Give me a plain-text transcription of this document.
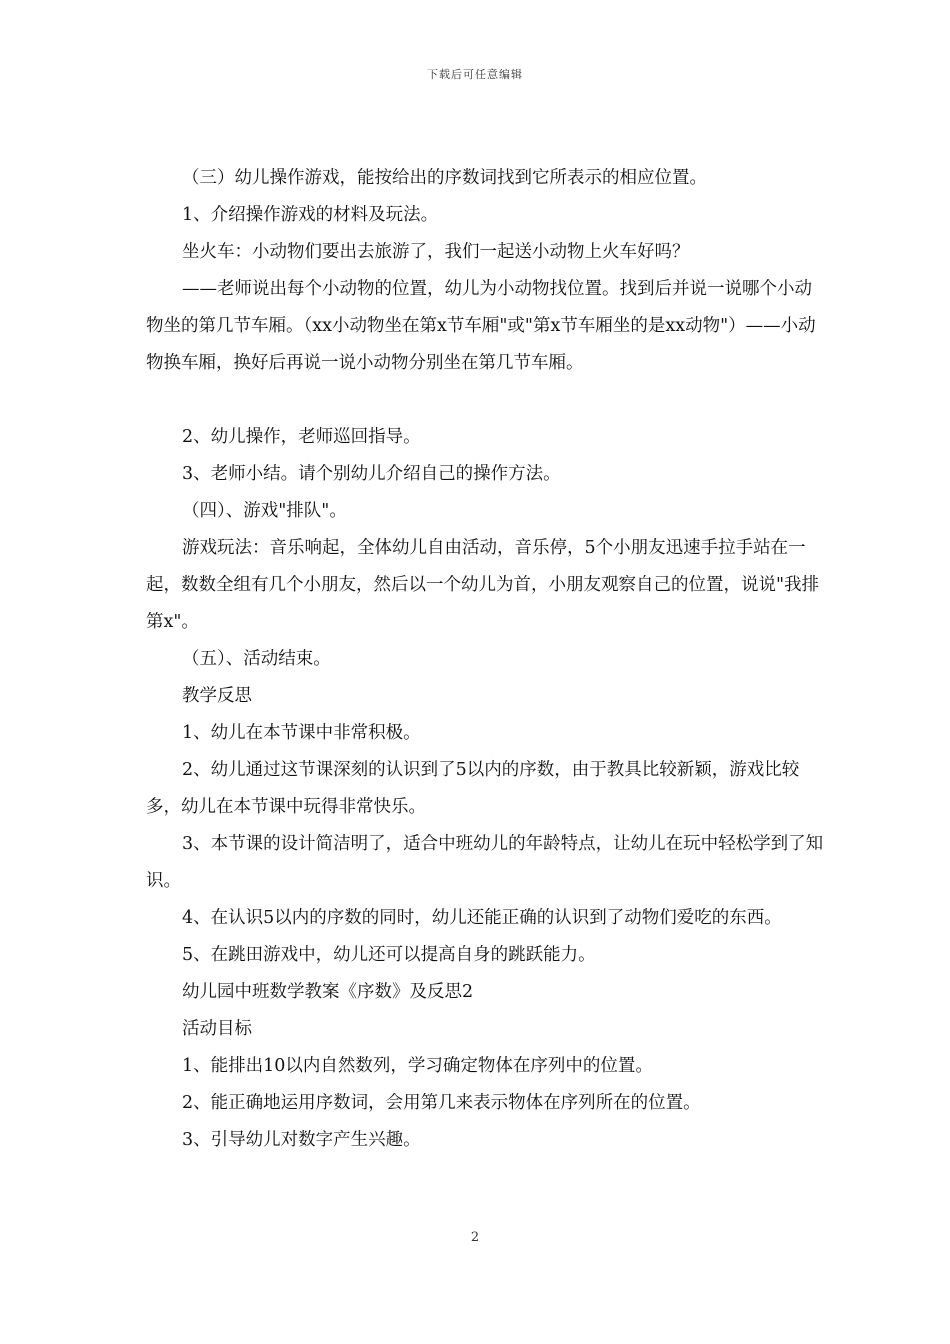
下载后可任意编辑

（三）幼儿操作游戏，能按给出的序数词找到它所表示的相应位置。

1、介绍操作游戏的材料及玩法。

坐火车：小动物们要出去旅游了，我们一起送小动物上火车好吗？

——老师说出每个小动物的位置，幼儿为小动物找位置。找到后并说一说哪个小动物坐的第几节车厢。（xx小动物坐在第x节车厢"或"第x节车厢坐的是xx动物"）——小动物换车厢，换好后再说一说小动物分别坐在第几节车厢。

2、幼儿操作，老师巡回指导。

3、老师小结。请个别幼儿介绍自己的操作方法。

（四）、游戏"排队"。

游戏玩法：音乐响起，全体幼儿自由活动，音乐停，5个小朋友迅速手拉手站在一起，数数全组有几个小朋友，然后以一个幼儿为首，小朋友观察自己的位置，说说"我排第x"。

（五）、活动结束。

教学反思

1、幼儿在本节课中非常积极。

2、幼儿通过这节课深刻的认识到了5以内的序数，由于教具比较新颖，游戏比较多，幼儿在本节课中玩得非常快乐。

3、本节课的设计简洁明了，适合中班幼儿的年龄特点，让幼儿在玩中轻松学到了知识。

4、在认识5以内的序数的同时，幼儿还能正确的认识到了动物们爱吃的东西。

5、在跳田游戏中，幼儿还可以提高自身的跳跃能力。

幼儿园中班数学教案《序数》及反思2

活动目标

1、能排出10以内自然数列，学习确定物体在序列中的位置。

2、能正确地运用序数词，会用第几来表示物体在序列所在的位置。

3、引导幼儿对数字产生兴趣。

2
